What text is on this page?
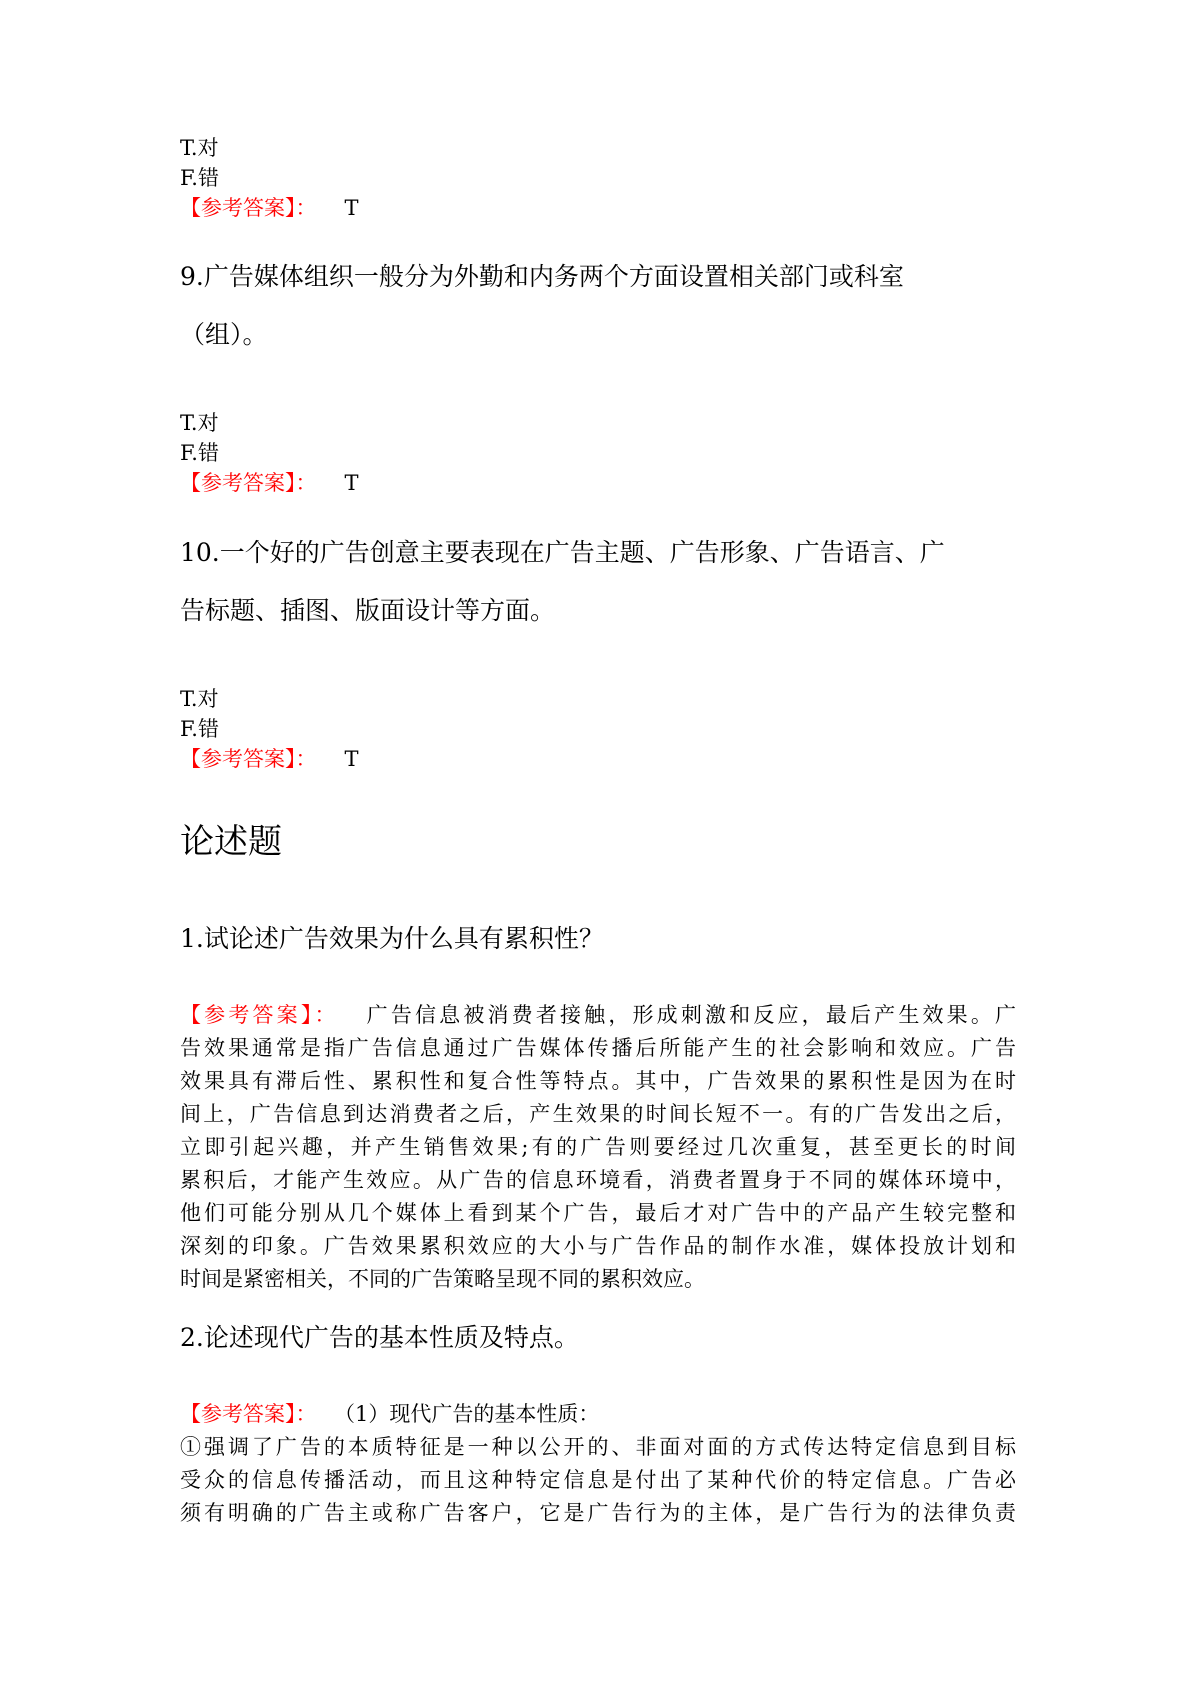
T.对
F.错
【参考答案】： T
9.广告媒体组织一般分为外勤和内务两个方面设置相关部门或科室
（组）。
T.对
F.错
【参考答案】： T
10.一个好的广告创意主要表现在广告主题、广告形象、广告语言、广
告标题、插图、版面设计等方面。
T.对
F.错
【参考答案】： T
论述题
1.试论述广告效果为什么具有累积性？
【参考答案】： 广告信息被消费者接触，形成刺激和反应，最后产生效果。广
告效果通常是指广告信息通过广告媒体传播后所能产生的社会影响和效应。广告
效果具有滞后性、累积性和复合性等特点。其中，广告效果的累积性是因为在时
间上，广告信息到达消费者之后，产生效果的时间长短不一。有的广告发出之后，
立即引起兴趣，并产生销售效果;有的广告则要经过几次重复，甚至更长的时间
累积后，才能产生效应。从广告的信息环境看，消费者置身于不同的媒体环境中，
他们可能分别从几个媒体上看到某个广告，最后才对广告中的产品产生较完整和
深刻的印象。广告效果累积效应的大小与广告作品的制作水准，媒体投放计划和
时间是紧密相关，不同的广告策略呈现不同的累积效应。
2.论述现代广告的基本性质及特点。
【参考答案】： （1）现代广告的基本性质：
①强调了广告的本质特征是一种以公开的、非面对面的方式传达特定信息到目标
受众的信息传播活动，而且这种特定信息是付出了某种代价的特定信息。广告必
须有明确的广告主或称广告客户，它是广告行为的主体，是广告行为的法律负责
